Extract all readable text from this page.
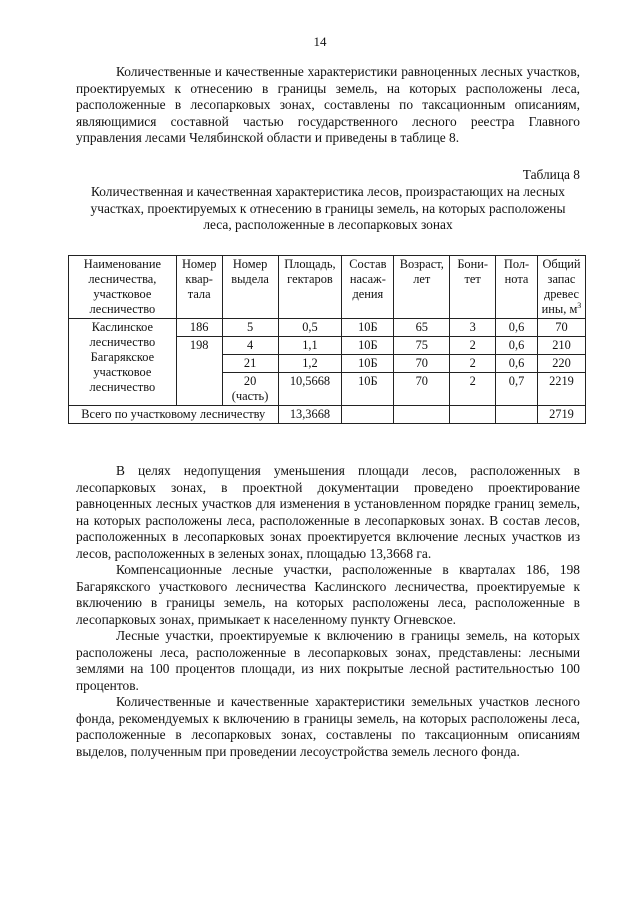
14

Количественные и качественные характеристики равноценных лесных участков, проектируемых к отнесению в границы земель, на которых расположены леса, расположенные в лесопарковых зонах, составлены по таксационным описаниям, являющимися составной частью государственного лесного реестра Главного управления лесами Челябинской области и приведены в таблице 8.

Таблица 8
Количественная и качественная характеристика лесов, произрастающих на лесных участках, проектируемых к отнесению в границы земель, на которых расположены леса, расположенные в лесопарковых зонах
Наименование лесничества, участковое лесничество	Номер квар-тала	Номер выдела	Площадь, гектаров	Состав насаж-дения	Возраст, лет	Бони-тет	Пол-нота	Общий запас древес ины, $м^3$
Каслинское лесничество Багарякское участковое лесничество	186	5	0,5	10Б	65	3	0,6	70
	198	4	1,1	10Б	75	2	0,6	210
		21	1,2	10Б	70	2	0,6	220
		20 (часть)	10,5668	10Б	70	2	0,7	2219
Всего по участковому лесничеству			13,3668					2719

В целях недопущения уменьшения площади лесов, расположенных в лесопарковых зонах, в проектной документации проведено проектирование равноценных лесных участков для изменения в установленном порядке границ земель, на которых расположены леса, расположенные в лесопарковых зонах. В состав лесов, расположенных в лесопарковых зонах проектируется включение лесных участков из лесов, расположенных в зеленых зонах, площадью 13,3668 га.

Компенсационные лесные участки, расположенные в кварталах 186, 198 Багарякского участкового лесничества Каслинского лесничества, проектируемые к включению в границы земель, на которых расположены леса, расположенные в лесопарковых зонах, примыкает к населенному пункту Огневское.

Лесные участки, проектируемые к включению в границы земель, на которых расположены леса, расположенные в лесопарковых зонах, представлены: лесными землями на 100 процентов площади, из них покрытые лесной растительностью 100 процентов.

Количественные и качественные характеристики земельных участков лесного фонда, рекомендуемых к включению в границы земель, на которых расположены леса, расположенные в лесопарковых зонах, составлены по таксационным описаниям выделов, полученным при проведении лесоустройства земель лесного фонда.
